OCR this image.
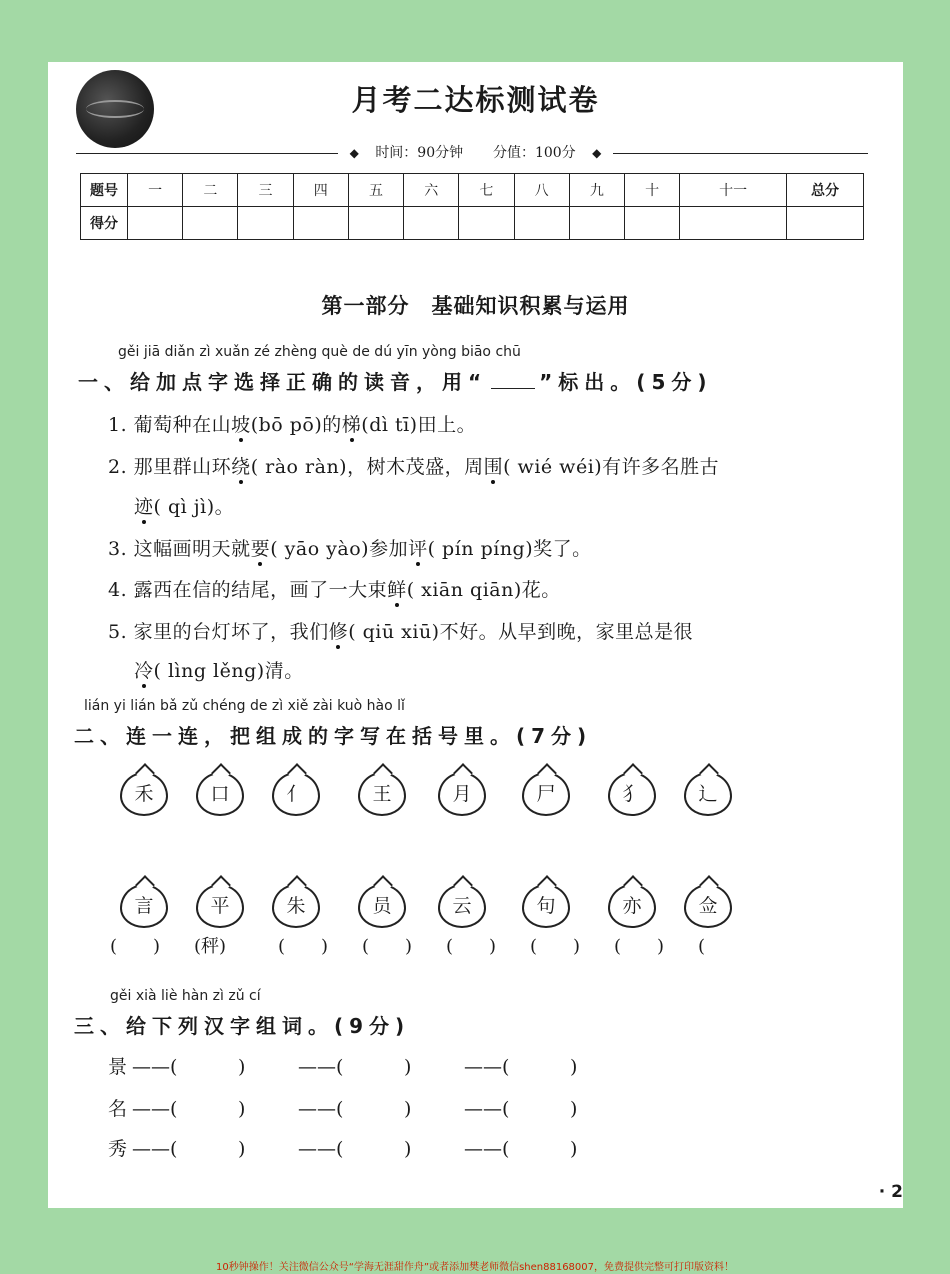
月考二达标测试卷
◆ 时间：90分钟 分值：100分 ◆
题号	一	二	三	四	五	六	七	八	九	十	十一	总分
得分												
第一部分　基础知识积累与运用
gěi jiā diǎn zì xuǎn zé zhèng què de dú yīn yòng biāo chū
一、给加点字选择正确的读音，用“	”标出。(5分)
1. 葡萄种在山坡(bō pō)的梯(dì tī)田上。
2. 那里群山环绕( rào ràn)，树木茂盛，周围( wié wéi)有许多名胜古
迹( qì jì)。
3. 这幅画明天就要( yāo yào)参加评( pín píng)奖了。
4. 露西在信的结尾，画了一大束鲜( xiān qiān)花。
5. 家里的台灯坏了，我们修( qiū xiū)不好。从早到晚，家里总是很
冷( lìng lěng)清。
lián yi lián bǎ zǔ chéng de zì xiě zài kuò hào lǐ
二、连一连，把组成的字写在括号里。(7分)
禾	口	亻	王	月	尸	犭	辶
言	平	朱	员	云	句	亦	佥
(　　) (秤)	(　　) (　　) (　　) (　　) (　　) (　　
gěi xià liè hàn zì zǔ cí
三、给下列汉字组词。(9分)
景 ——(	)	——(	)	——(	)
名 ——(	)	——(	)	——(	)
秀 ——(	)	——(	)	——(	)
· 2
10秒钟操作！关注微信公众号“学海无涯甜作舟”或者添加樊老师微信shen88168007，免费提供完整可打印版资料！
